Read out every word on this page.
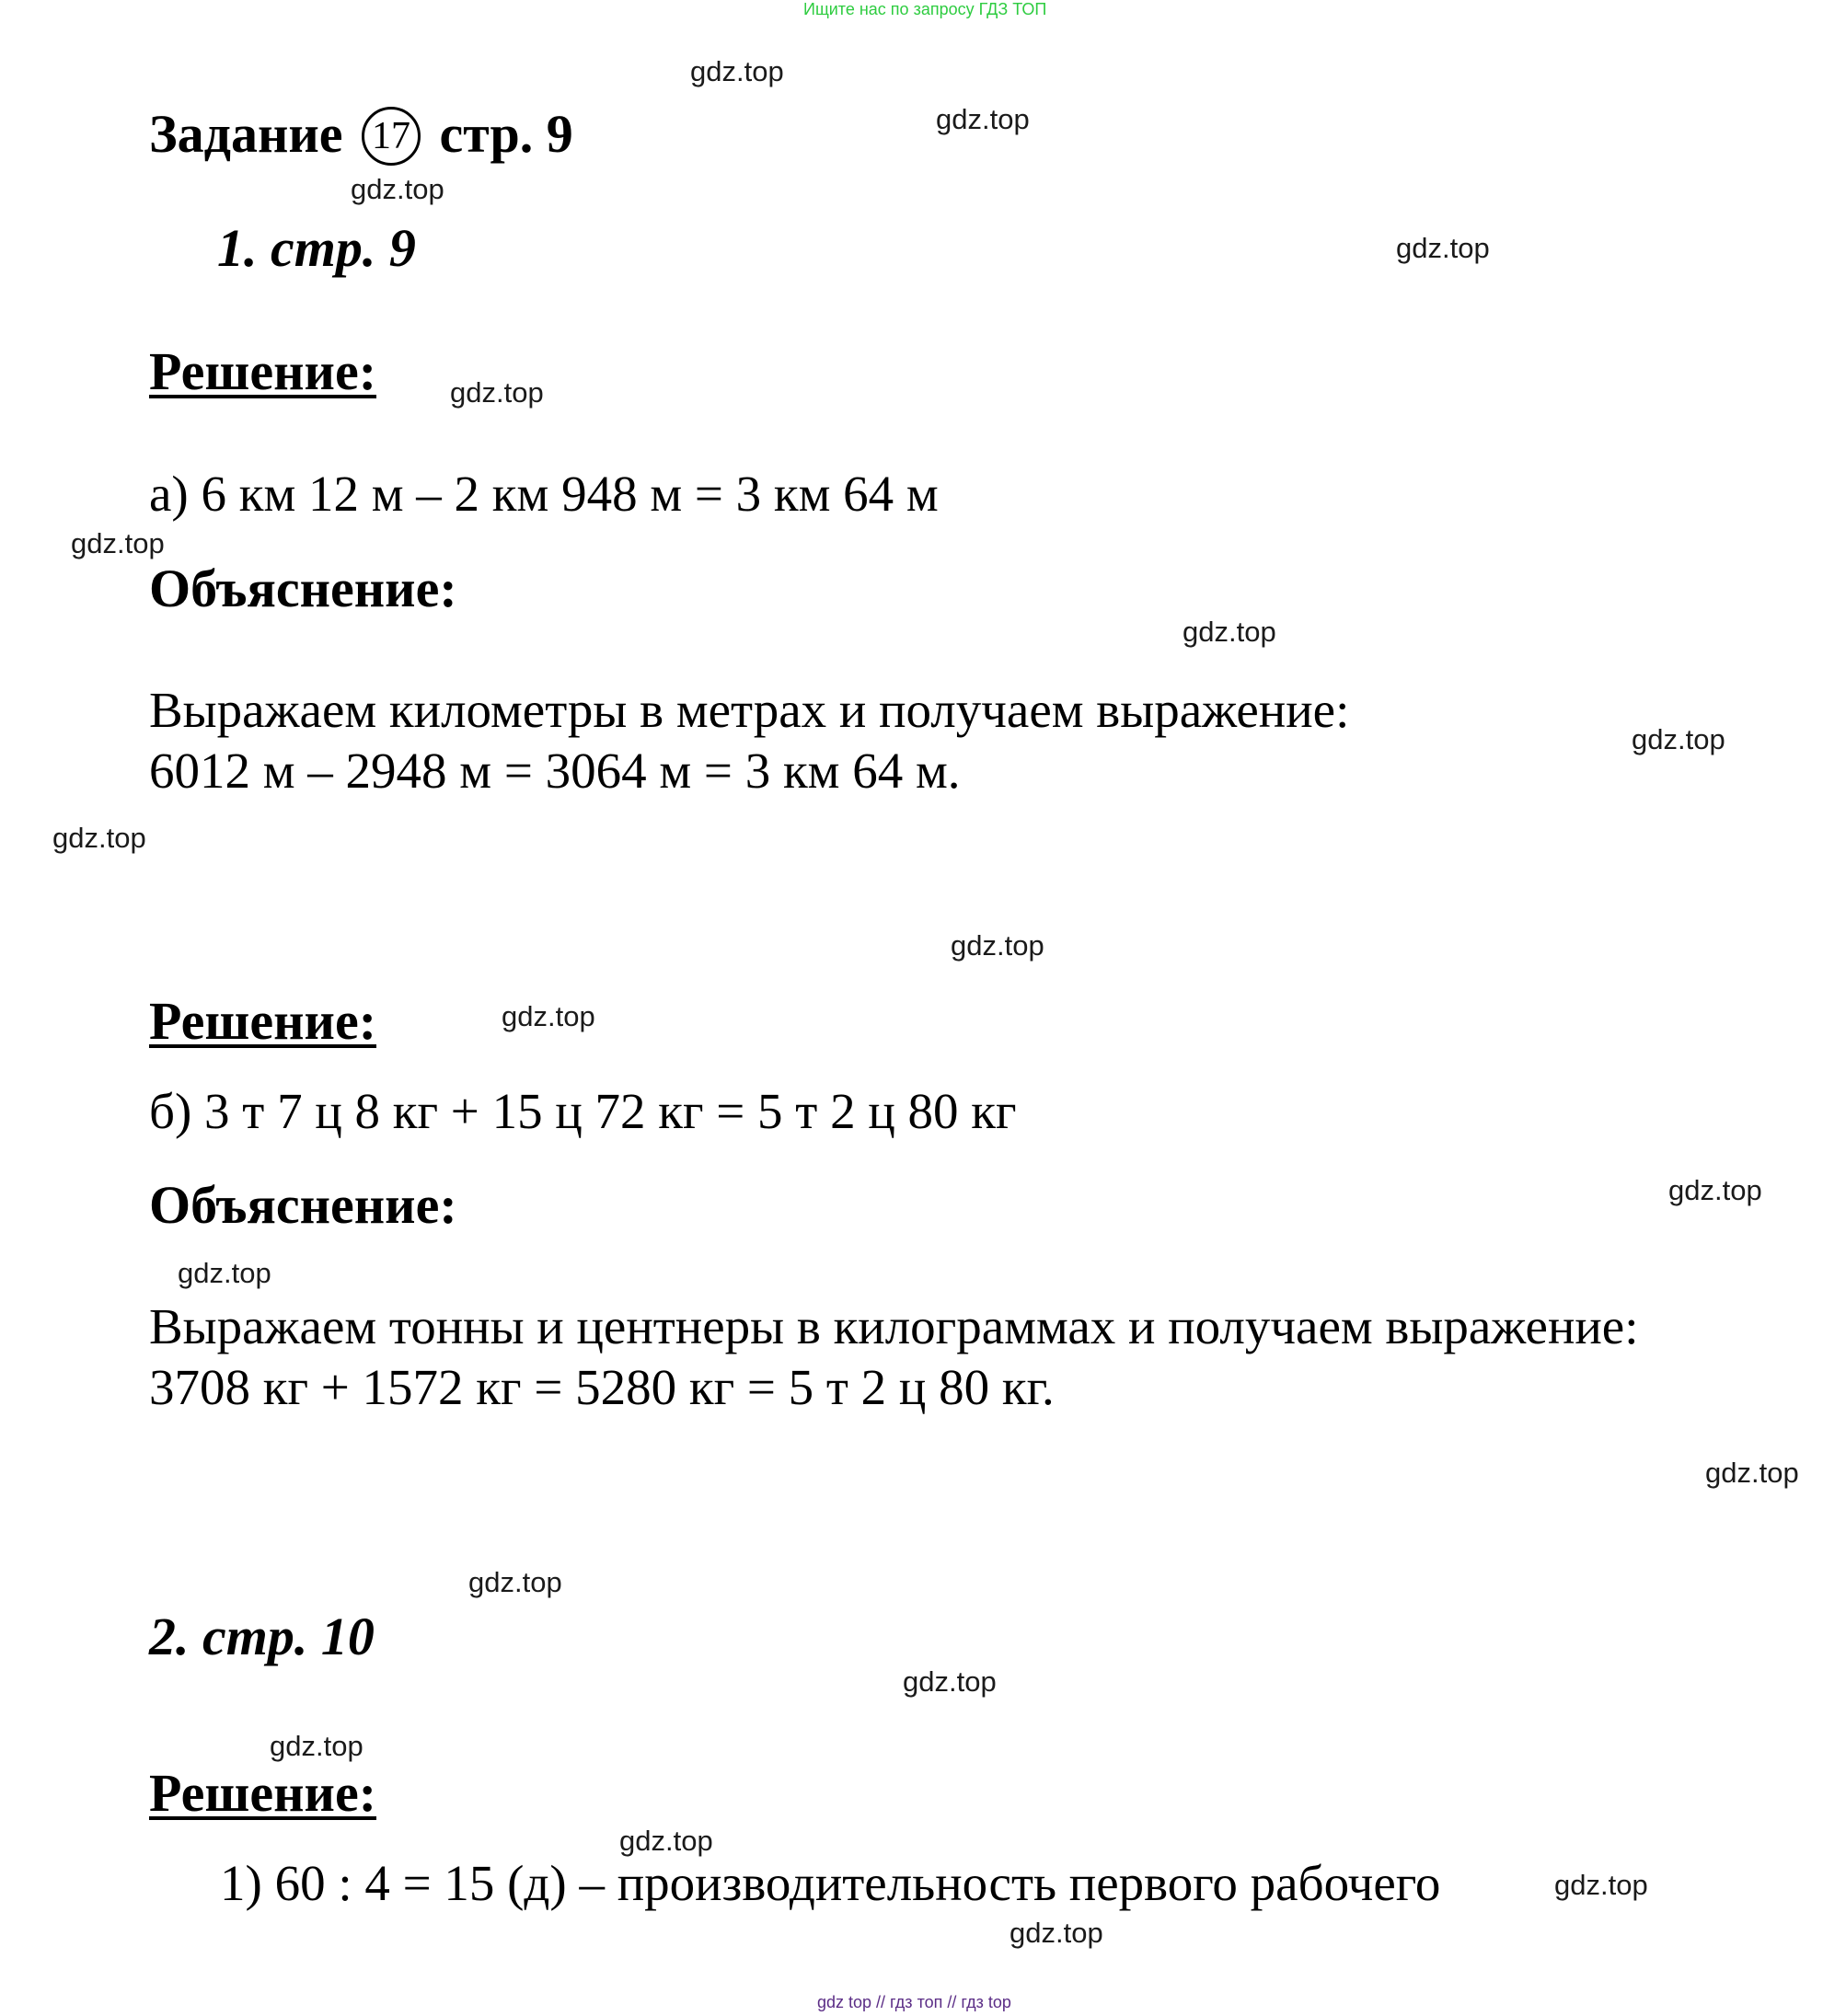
Ищите нас по запросу ГДЗ ТОП
Задание 17 стр. 9
1. стр. 9
Решение:
а) 6 км 12 м – 2 км 948 м = 3 км 64 м
Объяснение:
Выражаем километры в метрах и получаем выражение:
6012 м – 2948 м = 3064 м = 3 км 64 м.
Решение:
б) 3 т 7 ц 8 кг + 15 ц 72 кг = 5 т 2 ц 80 кг
Объяснение:
Выражаем тонны и центнеры в килограммах и получаем выражение:
3708 кг + 1572 кг = 5280 кг = 5 т 2 ц 80 кг.
2. стр. 10
Решение:
1) 60 : 4 = 15 (д) – производительность первого рабочего
gdz.top
gdz.top
gdz.top
gdz.top
gdz.top
gdz.top
gdz.top
gdz.top
gdz.top
gdz.top
gdz.top
gdz.top
gdz.top
gdz.top
gdz.top
gdz.top
gdz.top
gdz.top
gdz.top
gdz.top
gdz top // гдз топ // гдз top
